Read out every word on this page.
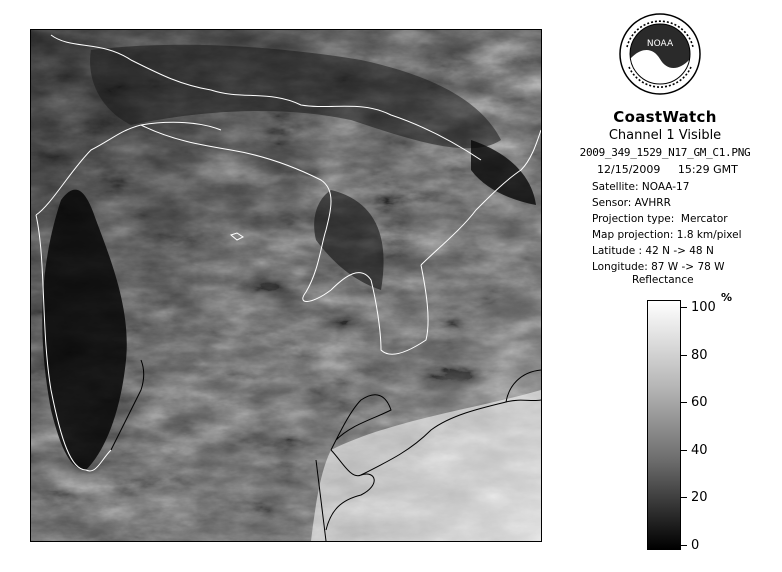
NOAA
CoastWatch
Channel 1 Visible
2009_349_1529_N17_GM_C1.PNG
12/15/2009     15:29 GMT
Satellite: NOAA-17
Sensor: AVHRR
Projection type:  Mercator
Map projection: 1.8 km/pixel
Latitude : 42 N -> 48 N
Longitude: 87 W -> 78 W
Reflectance
%
100
80
60
40
20
0
